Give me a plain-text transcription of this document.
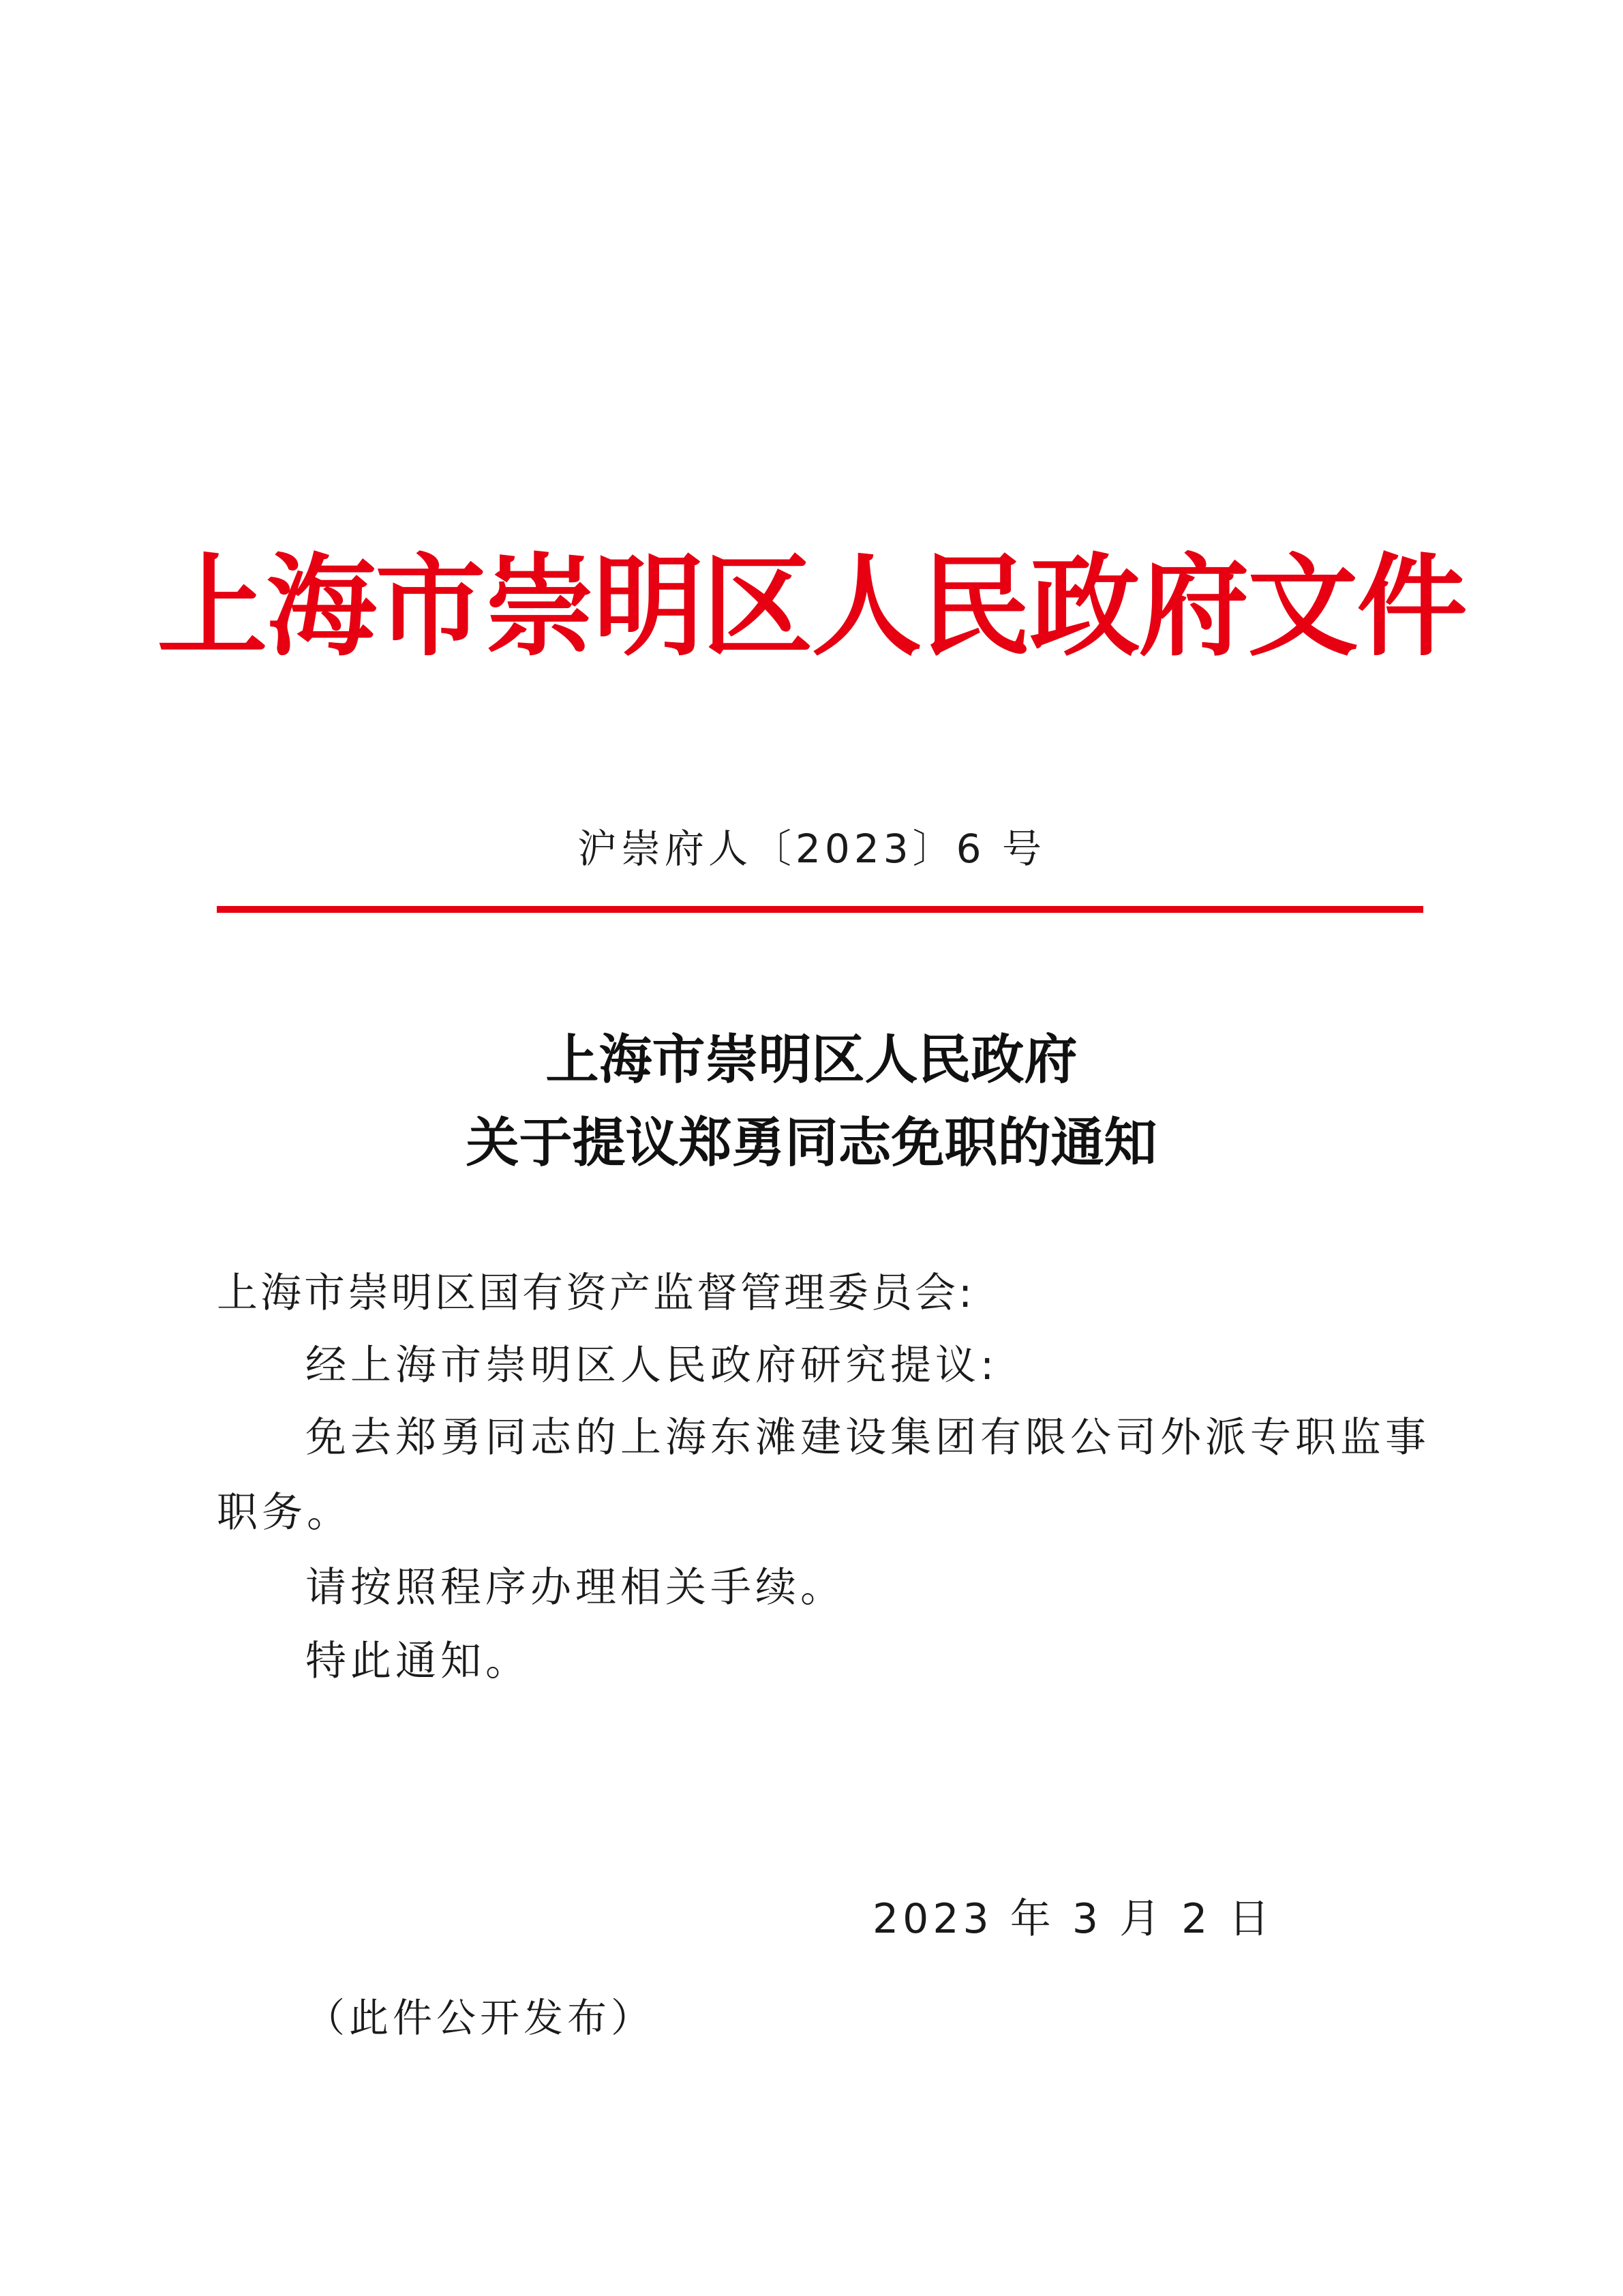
上海市崇明区人民政府文件
沪崇府人〔2023〕6 号
上海市崇明区人民政府
关于提议郑勇同志免职的通知
上海市崇明区国有资产监督管理委员会:
经上海市崇明区人民政府研究提议:
免去郑勇同志的上海东滩建设集团有限公司外派专职监事
职务。
请按照程序办理相关手续。
特此通知。
2023 年 3 月 2 日
（此件公开发布）
